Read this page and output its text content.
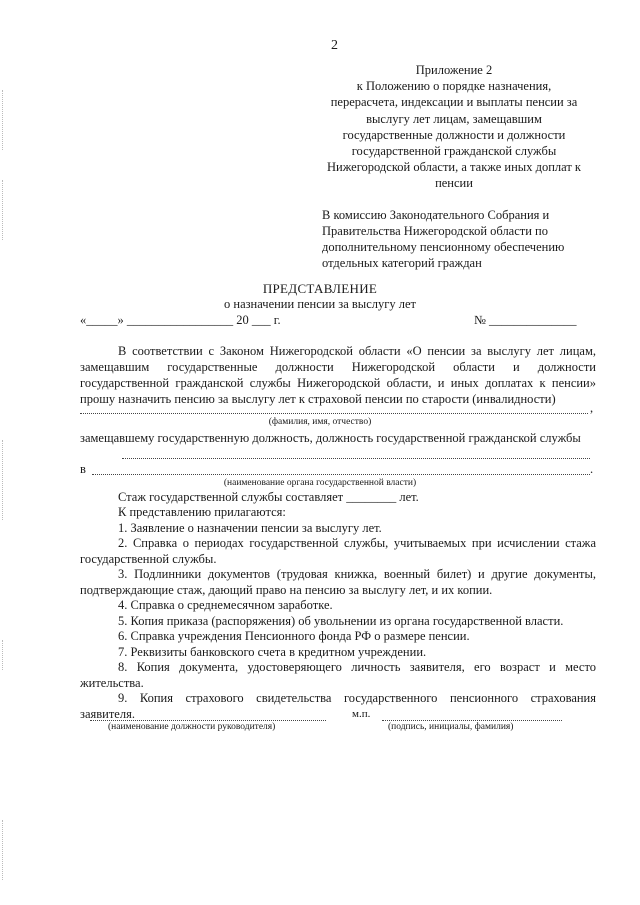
2
Приложение 2
к Положению о порядке назначения,
перерасчета, индексации и выплаты пенсии за
выслугу лет лицам, замещавшим
государственные должности и должности
государственной гражданской службы
Нижегородской области, а также иных доплат к
пенсии
В комиссию Законодательного Собрания и
Правительства Нижегородской области по
дополнительному пенсионному обеспечению
отдельных категорий граждан
ПРЕДСТАВЛЕНИЕ
о назначении пенсии за выслугу лет
«_____» _________________ 20 ___ г.	№ ______________
В соответствии с Законом Нижегородской области «О пенсии за выслугу лет лицам, замещавшим государственные должности Нижегородской области и должности государственной гражданской службы Нижегородской области, и иных доплатах к пенсии» прошу назначить пенсию за выслугу лет к страховой пенсии по старости (инвалидности)
,
(фамилия, имя, отчество)
замещавшему государственную должность, должность государственной гражданской службы
в	.
(наименование органа государственной власти)
Стаж государственной службы составляет ________ лет.

К представлению прилагаются:

1. Заявление о назначении пенсии за выслугу лет.

2. Справка о периодах государственной службы, учитываемых при исчислении стажа государственной службы.

3. Подлинники документов (трудовая книжка, военный билет) и другие документы, подтверждающие стаж, дающий право на пенсию за выслугу лет, и их копии.

4. Справка о среднемесячном заработке.

5. Копия приказа (распоряжения) об увольнении из органа государственной власти.

6. Справка учреждения Пенсионного фонда РФ о размере пенсии.

7. Реквизиты банковского счета в кредитном учреждении.

8. Копия документа, удостоверяющего личность заявителя, его возраст и место жительства.

9. Копия страхового свидетельства государственного пенсионного страхования заявителя.	м.п.
(наименование должности руководителя)	(подпись, инициалы, фамилия)
